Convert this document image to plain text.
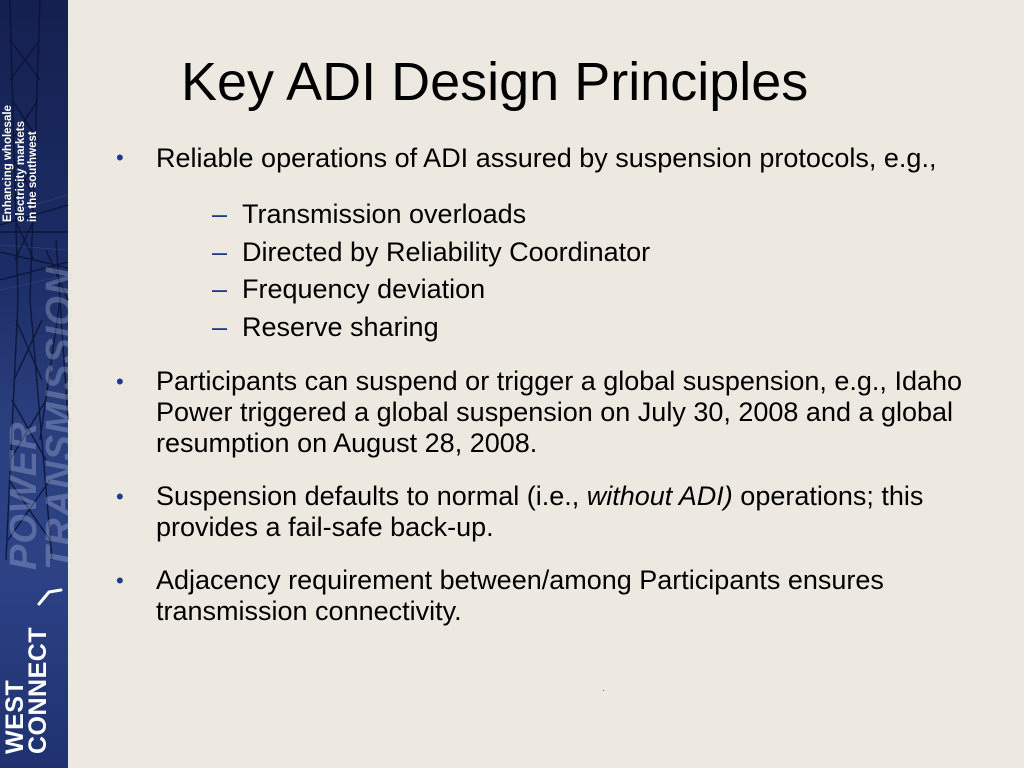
Enhancing wholesale electricity markets in the southwest
POWER
TRANSMISSION
WEST
CONNECT
Key ADI Design Principles
• Reliable operations of ADI assured by suspension protocols, e.g.,
– Transmission overloads
– Directed by Reliability Coordinator
– Frequency deviation
– Reserve sharing
• Participants can suspend or trigger a global suspension, e.g., Idaho Power triggered a global suspension on July 30, 2008 and a global resumption on August 28, 2008.
• Suspension defaults to normal (i.e., without ADI) operations; this provides a fail-safe back-up.
• Adjacency requirement between/among Participants ensures transmission connectivity.
